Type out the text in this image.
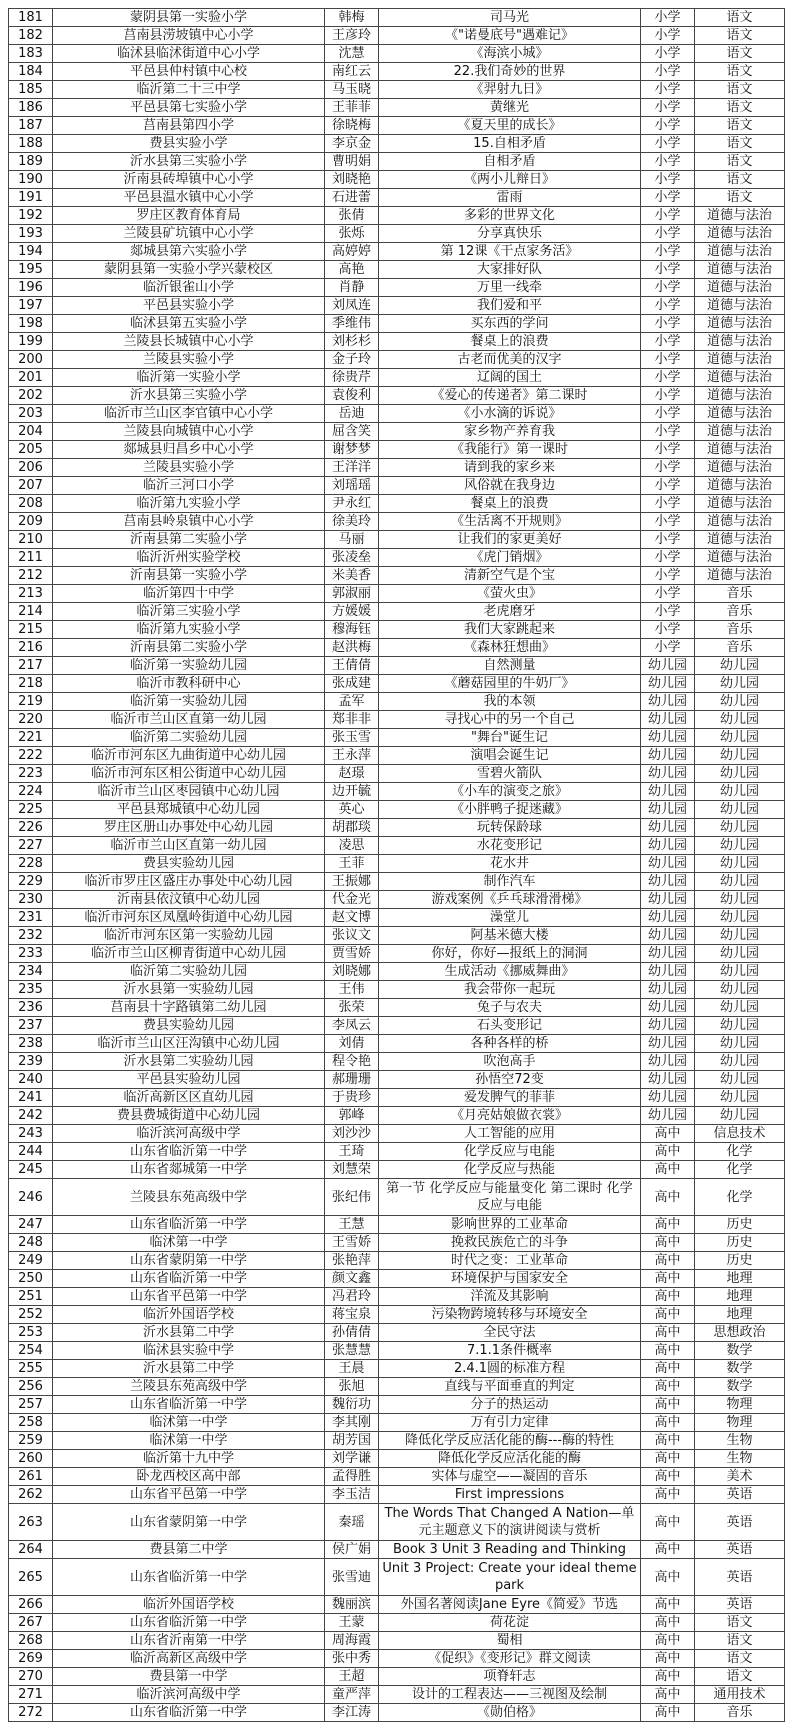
181	蒙阴县第一实验小学	韩梅	司马光	小学	语文
182	莒南县涝坡镇中心小学	王彦玲	《"诺曼底号"遇难记》	小学	语文
183	临沭县临沭街道中心小学	沈慧	《海滨小城》	小学	语文
184	平邑县仲村镇中心校	南红云	22.我们奇妙的世界	小学	语文
185	临沂第二十三中学	马玉晓	《羿射九日》	小学	语文
186	平邑县第七实验小学	王菲菲	黄继光	小学	语文
187	莒南县第四小学	徐晓梅	《夏天里的成长》	小学	语文
188	费县实验小学	李京金	15.自相矛盾	小学	语文
189	沂水县第三实验小学	曹明娟	自相矛盾	小学	语文
190	沂南县砖埠镇中心小学	刘晓艳	《两小儿辩日》	小学	语文
191	平邑县温水镇中心小学	石进蕾	雷雨	小学	语文
192	罗庄区教育体育局	张倩	多彩的世界文化	小学	道德与法治
193	兰陵县矿坑镇中心小学	张烁	分享真快乐	小学	道德与法治
194	郯城县第六实验小学	高婷婷	第 12课《干点家务活》	小学	道德与法治
195	蒙阴县第一实验小学兴蒙校区	高艳	大家排好队	小学	道德与法治
196	临沂银雀山小学	肖静	万里一线牵	小学	道德与法治
197	平邑县实验小学	刘凤连	我们爱和平	小学	道德与法治
198	临沭县第五实验小学	季维伟	买东西的学问	小学	道德与法治
199	兰陵县长城镇中心小学	刘杉杉	餐桌上的浪费	小学	道德与法治
200	兰陵县实验小学	金子玲	古老而优美的汉字	小学	道德与法治
201	临沂第一实验小学	徐贵芹	辽阔的国土	小学	道德与法治
202	沂水县第三实验小学	袁俊利	《爱心的传递者》第二课时	小学	道德与法治
203	临沂市兰山区李官镇中心小学	岳迪	《小水滴的诉说》	小学	道德与法治
204	兰陵县向城镇中心小学	屈含笑	家乡物产养育我	小学	道德与法治
205	郯城县归昌乡中心小学	谢梦梦	《我能行》第一课时	小学	道德与法治
206	兰陵县实验小学	王洋洋	请到我的家乡来	小学	道德与法治
207	临沂三河口小学	刘瑶瑶	风俗就在我身边	小学	道德与法治
208	临沂第九实验小学	尹永红	餐桌上的浪费	小学	道德与法治
209	莒南县岭泉镇中心小学	徐美玲	《生活离不开规则》	小学	道德与法治
210	沂南县第二实验小学	马丽	让我们的家更美好	小学	道德与法治
211	临沂沂州实验学校	张凌垒	《虎门销烟》	小学	道德与法治
212	沂南县第一实验小学	米美香	清新空气是个宝	小学	道德与法治
213	临沂第四十中学	郭淑丽	《萤火虫》	小学	音乐
214	临沂第三实验小学	方媛媛	老虎磨牙	小学	音乐
215	临沂第九实验小学	穆海钰	我们大家跳起来	小学	音乐
216	沂南县第二实验小学	赵洪梅	《森林狂想曲》	小学	音乐
217	临沂第一实验幼儿园	王倩倩	自然测量	幼儿园	幼儿园
218	临沂市教科研中心	张成建	《蘑菇园里的牛奶厂》	幼儿园	幼儿园
219	临沂第一实验幼儿园	孟军	我的本领	幼儿园	幼儿园
220	临沂市兰山区直第一幼儿园	郑非非	寻找心中的另一个自己	幼儿园	幼儿园
221	临沂第二实验幼儿园	张玉雪	"舞台"诞生记	幼儿园	幼儿园
222	临沂市河东区九曲街道中心幼儿园	王永萍	演唱会诞生记	幼儿园	幼儿园
223	临沂市河东区相公街道中心幼儿园	赵璟	雪碧火箭队	幼儿园	幼儿园
224	临沂市兰山区枣园镇中心幼儿园	边开毓	《小车的演变之旅》	幼儿园	幼儿园
225	平邑县郑城镇中心幼儿园	英心	《小胖鸭子捉迷藏》	幼儿园	幼儿园
226	罗庄区册山办事处中心幼儿园	胡郡琰	玩转保龄球	幼儿园	幼儿园
227	临沂市兰山区直第一幼儿园	凌思	水花变形记	幼儿园	幼儿园
228	费县实验幼儿园	王菲	花水井	幼儿园	幼儿园
229	临沂市罗庄区盛庄办事处中心幼儿园	王振娜	制作汽车	幼儿园	幼儿园
230	沂南县依汶镇中心幼儿园	代金光	游戏案例《乒乓球滑滑梯》	幼儿园	幼儿园
231	临沂市河东区凤凰岭街道中心幼儿园	赵文博	澡堂儿	幼儿园	幼儿园
232	临沂市河东区第一实验幼儿园	张议文	阿基米德大楼	幼儿园	幼儿园
233	临沂市兰山区柳青街道中心幼儿园	贾雪娇	你好，你好—报纸上的洞洞	幼儿园	幼儿园
234	临沂第二实验幼儿园	刘晓娜	生成活动《挪威舞曲》	幼儿园	幼儿园
235	沂水县第一实验幼儿园	王伟	我会带你一起玩	幼儿园	幼儿园
236	莒南县十字路镇第二幼儿园	张荣	兔子与农夫	幼儿园	幼儿园
237	费县实验幼儿园	李凤云	石头变形记	幼儿园	幼儿园
238	临沂市兰山区汪沟镇中心幼儿园	刘倩	各种各样的桥	幼儿园	幼儿园
239	沂水县第二实验幼儿园	程令艳	吹泡高手	幼儿园	幼儿园
240	平邑县实验幼儿园	郝珊珊	孙悟空72变	幼儿园	幼儿园
241	临沂高新区区直幼儿园	于贵珍	爱发脾气的菲菲	幼儿园	幼儿园
242	费县费城街道中心幼儿园	郭峰	《月亮姑娘做衣裳》	幼儿园	幼儿园
243	临沂滨河高级中学	刘沙沙	人工智能的应用	高中	信息技术
244	山东省临沂第一中学	王琦	化学反应与电能	高中	化学
245	山东省郯城第一中学	刘慧荣	化学反应与热能	高中	化学
246	兰陵县东苑高级中学	张纪伟	第一节 化学反应与能量变化 第二课时 化学反应与电能	高中	化学
247	山东省临沂第一中学	王慧	影响世界的工业革命	高中	历史
248	临沭第一中学	王雪娇	挽救民族危亡的斗争	高中	历史
249	山东省蒙阴第一中学	张艳萍	时代之变：工业革命	高中	历史
250	山东省临沂第一中学	颜文鑫	环境保护与国家安全	高中	地理
251	山东省平邑第一中学	冯君玲	洋流及其影响	高中	地理
252	临沂外国语学校	蒋宝泉	污染物跨境转移与环境安全	高中	地理
253	沂水县第二中学	孙倩倩	全民守法	高中	思想政治
254	临沭县实验中学	张慧慧	7.1.1条件概率	高中	数学
255	沂水县第二中学	王晨	2.4.1圆的标准方程	高中	数学
256	兰陵县东苑高级中学	张旭	直线与平面垂直的判定	高中	数学
257	山东省临沂第一中学	魏衍功	分子的热运动	高中	物理
258	临沭第一中学	李其刚	万有引力定律	高中	物理
259	临沭第一中学	胡芳国	降低化学反应活化能的酶---酶的特性	高中	生物
260	临沂第十九中学	刘学谦	降低化学反应活化能的酶	高中	生物
261	卧龙西校区高中部	孟得胜	实体与虚空——凝固的音乐	高中	美术
262	山东省平邑第一中学	李玉洁	First impressions	高中	英语
263	山东省蒙阴第一中学	秦瑶	The Words That Changed A Nation—单元主题意义下的演讲阅读与赏析	高中	英语
264	费县第二中学	侯广娟	Book 3 Unit 3 Reading and Thinking	高中	英语
265	山东省临沂第一中学	张雪迪	Unit 3 Project: Create your ideal theme park	高中	英语
266	临沂外国语学校	魏丽滨	外国名著阅读Jane Eyre《简爱》节选	高中	英语
267	山东省临沂第一中学	王蒙	荷花淀	高中	语文
268	山东省沂南第一中学	周海霞	蜀相	高中	语文
269	临沂高新区高级中学	张中秀	《促织》《变形记》群文阅读	高中	语文
270	费县第一中学	王超	项脊轩志	高中	语文
271	临沂滨河高级中学	童严萍	设计的工程表达——三视图及绘制	高中	通用技术
272	山东省临沂第一中学	李江涛	《勋伯格》	高中	音乐
